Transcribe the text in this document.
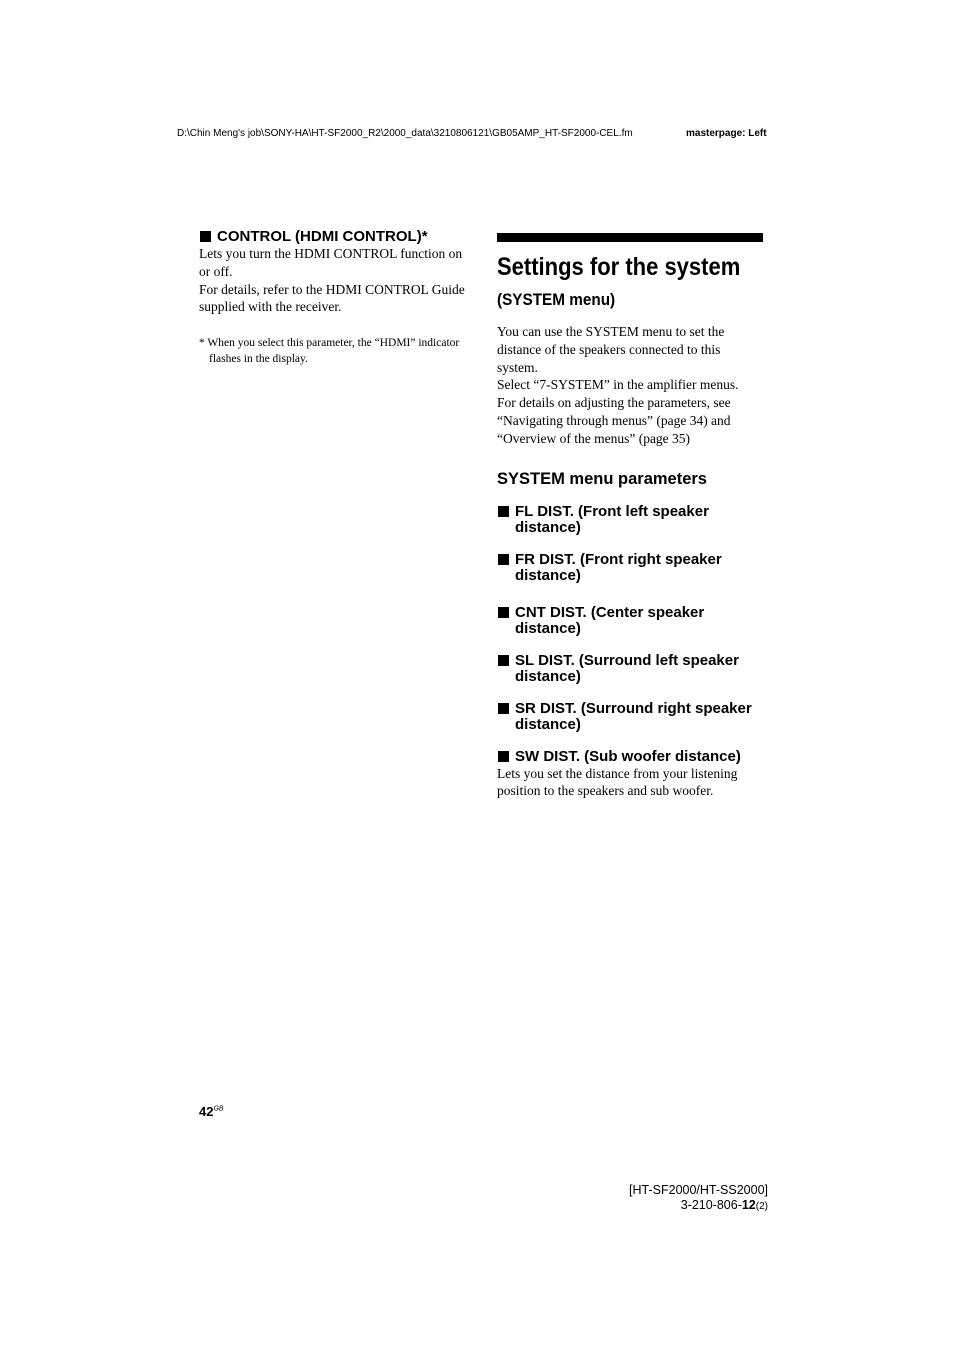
D:\Chin Meng's job\SONY-HA\HT-SF2000_R2\2000_data\3210806121\GB05AMP_HT-SF2000-CEL.fm	masterpage: Left
CONTROL (HDMI CONTROL)*

Lets you turn the HDMI CONTROL function on or off.

For details, refer to the HDMI CONTROL Guide supplied with the receiver.

* When you select this parameter, the “HDMI” indicator flashes in the display.
Settings for the system
(SYSTEM menu)

You can use the SYSTEM menu to set the distance of the speakers connected to this system.

Select “7-SYSTEM” in the amplifier menus.

For details on adjusting the parameters, see “Navigating through menus” (page 34) and “Overview of the menus” (page 35)

SYSTEM menu parameters
FL DIST. (Front left speaker distance)
FR DIST. (Front right speaker distance)
CNT DIST. (Center speaker distance)
SL DIST. (Surround left speaker distance)
SR DIST. (Surround right speaker distance)
SW DIST. (Sub woofer distance)
Lets you set the distance from your listening position to the speakers and sub woofer.
$42^{GB}$
[HT-SF2000/HT-SS2000]
3-210-806-12(2)
